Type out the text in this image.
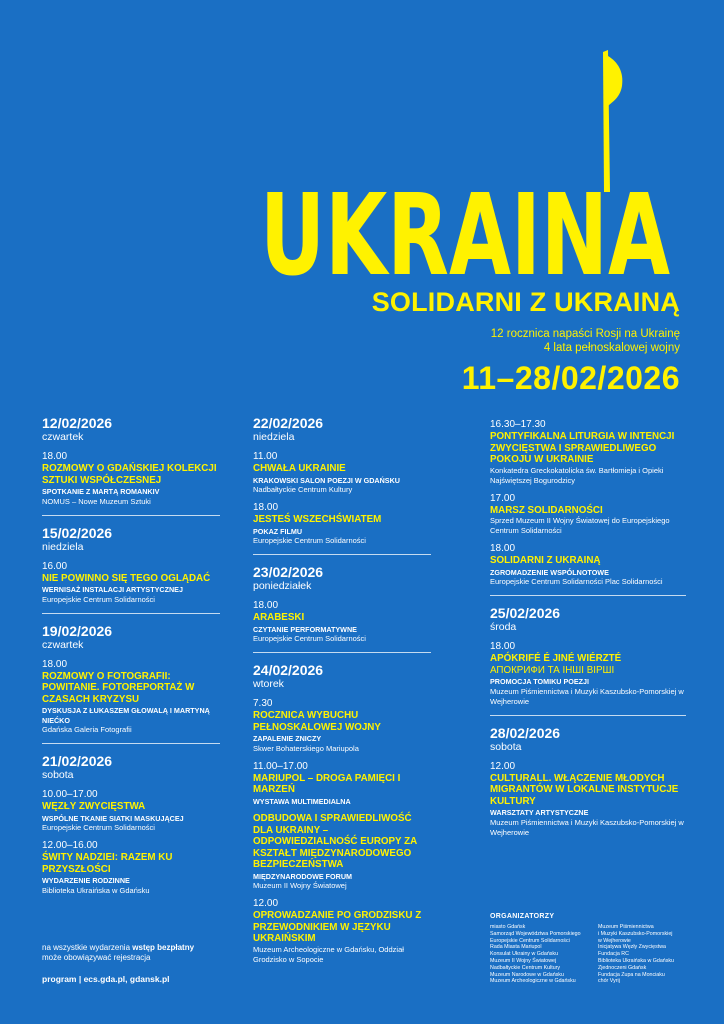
UKRAINA
SOLIDARNI Z UKRAINĄ
12 rocznica napaści Rosji na Ukrainę
4 lata pełnoskalowej wojny
11–28/02/2026
12/02/2026
czwartek
18.00
ROZMOWY O GDAŃSKIEJ KOLEKCJI SZTUKI WSPÓŁCZESNEJ
SPOTKANIE Z MARTĄ ROMANKIV
NOMUS – Nowe Muzeum Sztuki
15/02/2026
niedziela
16.00
NIE POWINNO SIĘ TEGO OGLĄDAĆ
WERNISAŻ INSTALACJI ARTYSTYCZNEJ
Europejskie Centrum Solidarności
19/02/2026
czwartek
18.00
ROZMOWY O FOTOGRAFII: POWITANIE. FOTOREPORTAŻ W CZASACH KRYZYSU
DYSKUSJA Z ŁUKASZEM GŁOWALĄ I MARTYNĄ NIEĆKO
Gdańska Galeria Fotografii
21/02/2026
sobota
10.00–17.00
WĘZŁY ZWYCIĘSTWA
WSPÓLNE TKANIE SIATKI MASKUJĄCEJ
Europejskie Centrum Solidarności
12.00–16.00
ŚWITY NADZIEI: RAZEM KU PRZYSZŁOŚCI
WYDARZENIE RODZINNE
Biblioteka Ukraińska w Gdańsku
22/02/2026
niedziela
11.00
CHWAŁA UKRAINIE
KRAKOWSKI SALON POEZJI W GDAŃSKU
Nadbałtyckie Centrum Kultury
18.00
JESTEŚ WSZECHŚWIATEM
POKAZ FILMU
Europejskie Centrum Solidarności
23/02/2026
poniedziałek
18.00
ARABESKI
CZYTANIE PERFORMATYWNE
Europejskie Centrum Solidarności
24/02/2026
wtorek
7.30
ROCZNICA WYBUCHU PEŁNOSKALOWEJ WOJNY
ZAPALENIE ZNICZY
Skwer Bohaterskiego Mariupola
11.00–17.00
MARIUPOL – DROGA PAMIĘCI I MARZEŃ
WYSTAWA MULTIMEDIALNA
ODBUDOWA I SPRAWIEDLIWOŚĆ DLA UKRAINY – ODPOWIEDZIALNOŚĆ EUROPY ZA KSZTAŁT MIĘDZYNARODOWEGO BEZPIECZEŃSTWA
MIĘDZYNARODOWE FORUM
Muzeum II Wojny Światowej
12.00
OPROWADZANIE PO GRODZISKU Z PRZEWODNIKIEM W JĘZYKU UKRAIŃSKIM
Muzeum Archeologiczne w Gdańsku, Oddział Grodzisko w Sopocie
16.30–17.30
PONTYFIKALNA LITURGIA W INTENCJI ZWYCIĘSTWA I SPRAWIEDLIWEGO POKOJU W UKRAINIE
Konkatedra Greckokatolicka św. Bartłomieja i Opieki Najświętszej Bogurodzicy
17.00
MARSZ SOLIDARNOŚCI
Sprzed Muzeum II Wojny Światowej do Europejskiego Centrum Solidarności
18.00
SOLIDARNI Z UKRAINĄ
ZGROMADZENIE WSPÓLNOTOWE
Europejskie Centrum Solidarności Plac Solidarności
25/02/2026
środa
18.00
APÓKRIFÉ É JINÉ WIÉRZTÉ
АПОКРИФИ ТА ІНШІ ВІРШІ
PROMOCJA TOMIKU POEZJI
Muzeum Piśmiennictwa i Muzyki Kaszubsko-Pomorskiej w Wejherowie
28/02/2026
sobota
12.00
CULTURALL. WŁĄCZENIE MŁODYCH MIGRANTÓW W LOKALNE INSTYTUCJE KULTURY
WARSZTATY ARTYSTYCZNE
Muzeum Piśmiennictwa i Muzyki Kaszubsko-Pomorskiej w Wejherowie
na wszystkie wydarzenia wstęp bezpłatny
może obowiązywać rejestracja
program | ecs.gda.pl, gdansk.pl
ORGANIZATORZY
miasto Gdańsk
Samorząd Województwa Pomorskiego
Europejskie Centrum Solidarności
Rada Miasta Mariupol
Konsulat Ukrainy w Gdańsku
Muzeum II Wojny Światowej
Nadbałtyckie Centrum Kultury
Muzeum Narodowe w Gdańsku
Muzeum Archeologiczne w Gdańsku
Muzeum Piśmiennictwa
i Muzyki Kaszubsko-Pomorskiej
w Wejherowie
Inicjatywa Węzły Zwycięstwa
Fundacja RC
Biblioteka Ukraińska w Gdańsku
Zjednoczeni Gdańsk
Fundacja Zupa na Monciaku
chór Vyrij
